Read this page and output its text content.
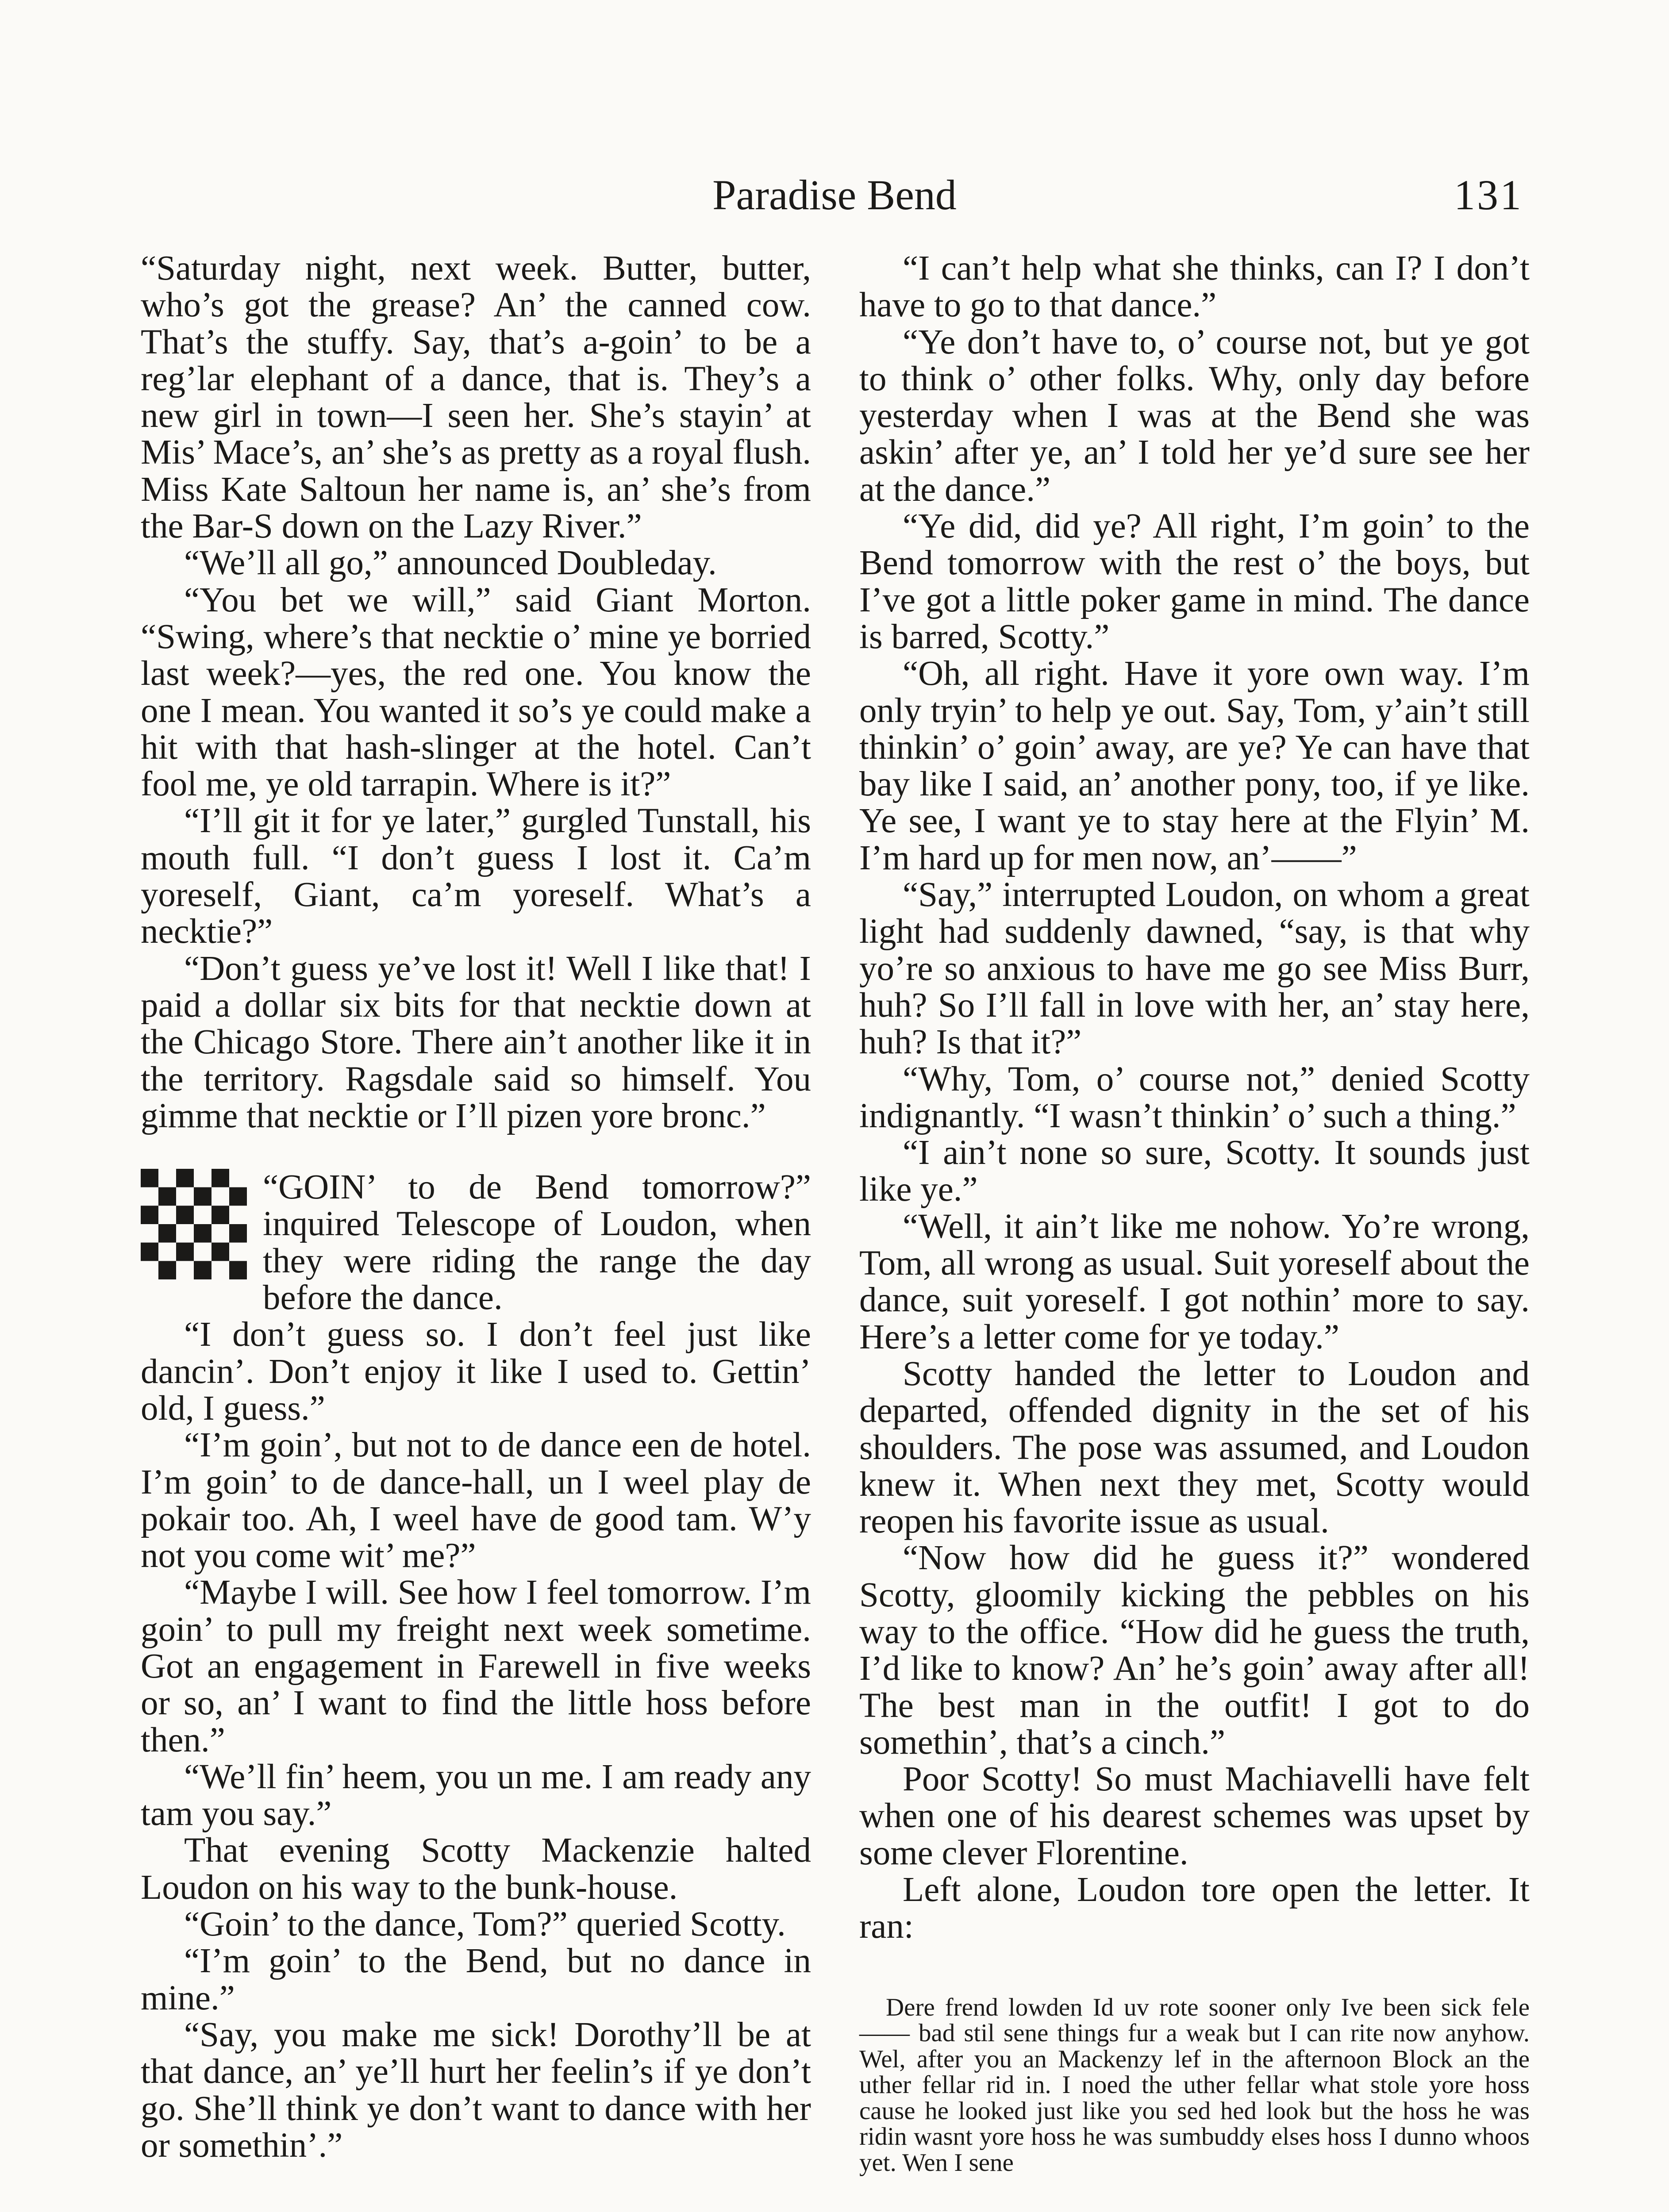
Paradise Bend	131

“Saturday night, next week. Butter, butter, who’s got the grease? An’ the canned cow. That’s the stuffy. Say, that’s a-goin’ to be a reg’lar elephant of a dance, that is. They’s a new girl in town—I seen her. She’s stayin’ at Mis’ Mace’s, an’ she’s as pretty as a royal flush. Miss Kate Saltoun her name is, an’ she’s from the Bar-S down on the Lazy River.”

“We’ll all go,” announced Doubleday.

“You bet we will,” said Giant Morton. “Swing, where’s that necktie o’ mine ye borried last week?—yes, the red one. You know the one I mean. You wanted it so’s ye could make a hit with that hash-slinger at the hotel. Can’t fool me, ye old tarrapin. Where is it?”

“I’ll git it for ye later,” gurgled Tunstall, his mouth full. “I don’t guess I lost it. Ca’m yoreself, Giant, ca’m yoreself. What’s a necktie?”

“Don’t guess ye’ve lost it! Well I like that! I paid a dollar six bits for that necktie down at the Chicago Store. There ain’t another like it in the territory. Ragsdale said so himself. You gimme that necktie or I’ll pizen yore bronc.”

“GOIN’ to de Bend tomorrow?” inquired Telescope of Loudon, when they were riding the range the day before the dance.

“I don’t guess so. I don’t feel just like dancin’. Don’t enjoy it like I used to. Gettin’ old, I guess.”

“I’m goin’, but not to de dance een de hotel. I’m goin’ to de dance-hall, un I weel play de pokair too. Ah, I weel have de good tam. W’y not you come wit’ me?”

“Maybe I will. See how I feel tomorrow. I’m goin’ to pull my freight next week sometime. Got an engagement in Farewell in five weeks or so, an’ I want to find the little hoss before then.”

“We’ll fin’ heem, you un me. I am ready any tam you say.”

That evening Scotty Mackenzie halted Loudon on his way to the bunk-house.

“Goin’ to the dance, Tom?” queried Scotty.

“I’m goin’ to the Bend, but no dance in mine.”

“Say, you make me sick! Dorothy’ll be at that dance, an’ ye’ll hurt her feelin’s if ye don’t go. She’ll think ye don’t want to dance with her or somethin’.”

“I can’t help what she thinks, can I? I don’t have to go to that dance.”

“Ye don’t have to, o’ course not, but ye got to think o’ other folks. Why, only day before yesterday when I was at the Bend she was askin’ after ye, an’ I told her ye’d sure see her at the dance.”

“Ye did, did ye? All right, I’m goin’ to the Bend tomorrow with the rest o’ the boys, but I’ve got a little poker game in mind. The dance is barred, Scotty.”

“Oh, all right. Have it yore own way. I’m only tryin’ to help ye out. Say, Tom, y’ain’t still thinkin’ o’ goin’ away, are ye? Ye can have that bay like I said, an’ another pony, too, if ye like. Ye see, I want ye to stay here at the Flyin’ M. I’m hard up for men now, an’——”

“Say,” interrupted Loudon, on whom a great light had suddenly dawned, “say, is that why yo’re so anxious to have me go see Miss Burr, huh? So I’ll fall in love with her, an’ stay here, huh? Is that it?”

“Why, Tom, o’ course not,” denied Scotty indignantly. “I wasn’t thinkin’ o’ such a thing.”

“I ain’t none so sure, Scotty. It sounds just like ye.”

“Well, it ain’t like me nohow. Yo’re wrong, Tom, all wrong as usual. Suit yoreself about the dance, suit yoreself. I got nothin’ more to say. Here’s a letter come for ye today.”

Scotty handed the letter to Loudon and departed, offended dignity in the set of his shoulders. The pose was assumed, and Loudon knew it. When next they met, Scotty would reopen his favorite issue as usual.

“Now how did he guess it?” wondered Scotty, gloomily kicking the pebbles on his way to the office. “How did he guess the truth, I’d like to know? An’ he’s goin’ away after all! The best man in the outfit! I got to do somethin’, that’s a cinch.”

Poor Scotty! So must Machiavelli have felt when one of his dearest schemes was upset by some clever Florentine.

Left alone, Loudon tore open the letter. It ran:

Dere frend lowden Id uv rote sooner only Ive been sick fele —— bad stil sene things fur a weak but I can rite now anyhow. Wel, after you an Mackenzy lef in the afternoon Block an the uther fellar rid in. I noed the uther fellar what stole yore hoss cause he looked just like you sed hed look but the hoss he was ridin wasnt yore hoss he was sumbuddy elses hoss I dunno whoos yet. Wen I sene
